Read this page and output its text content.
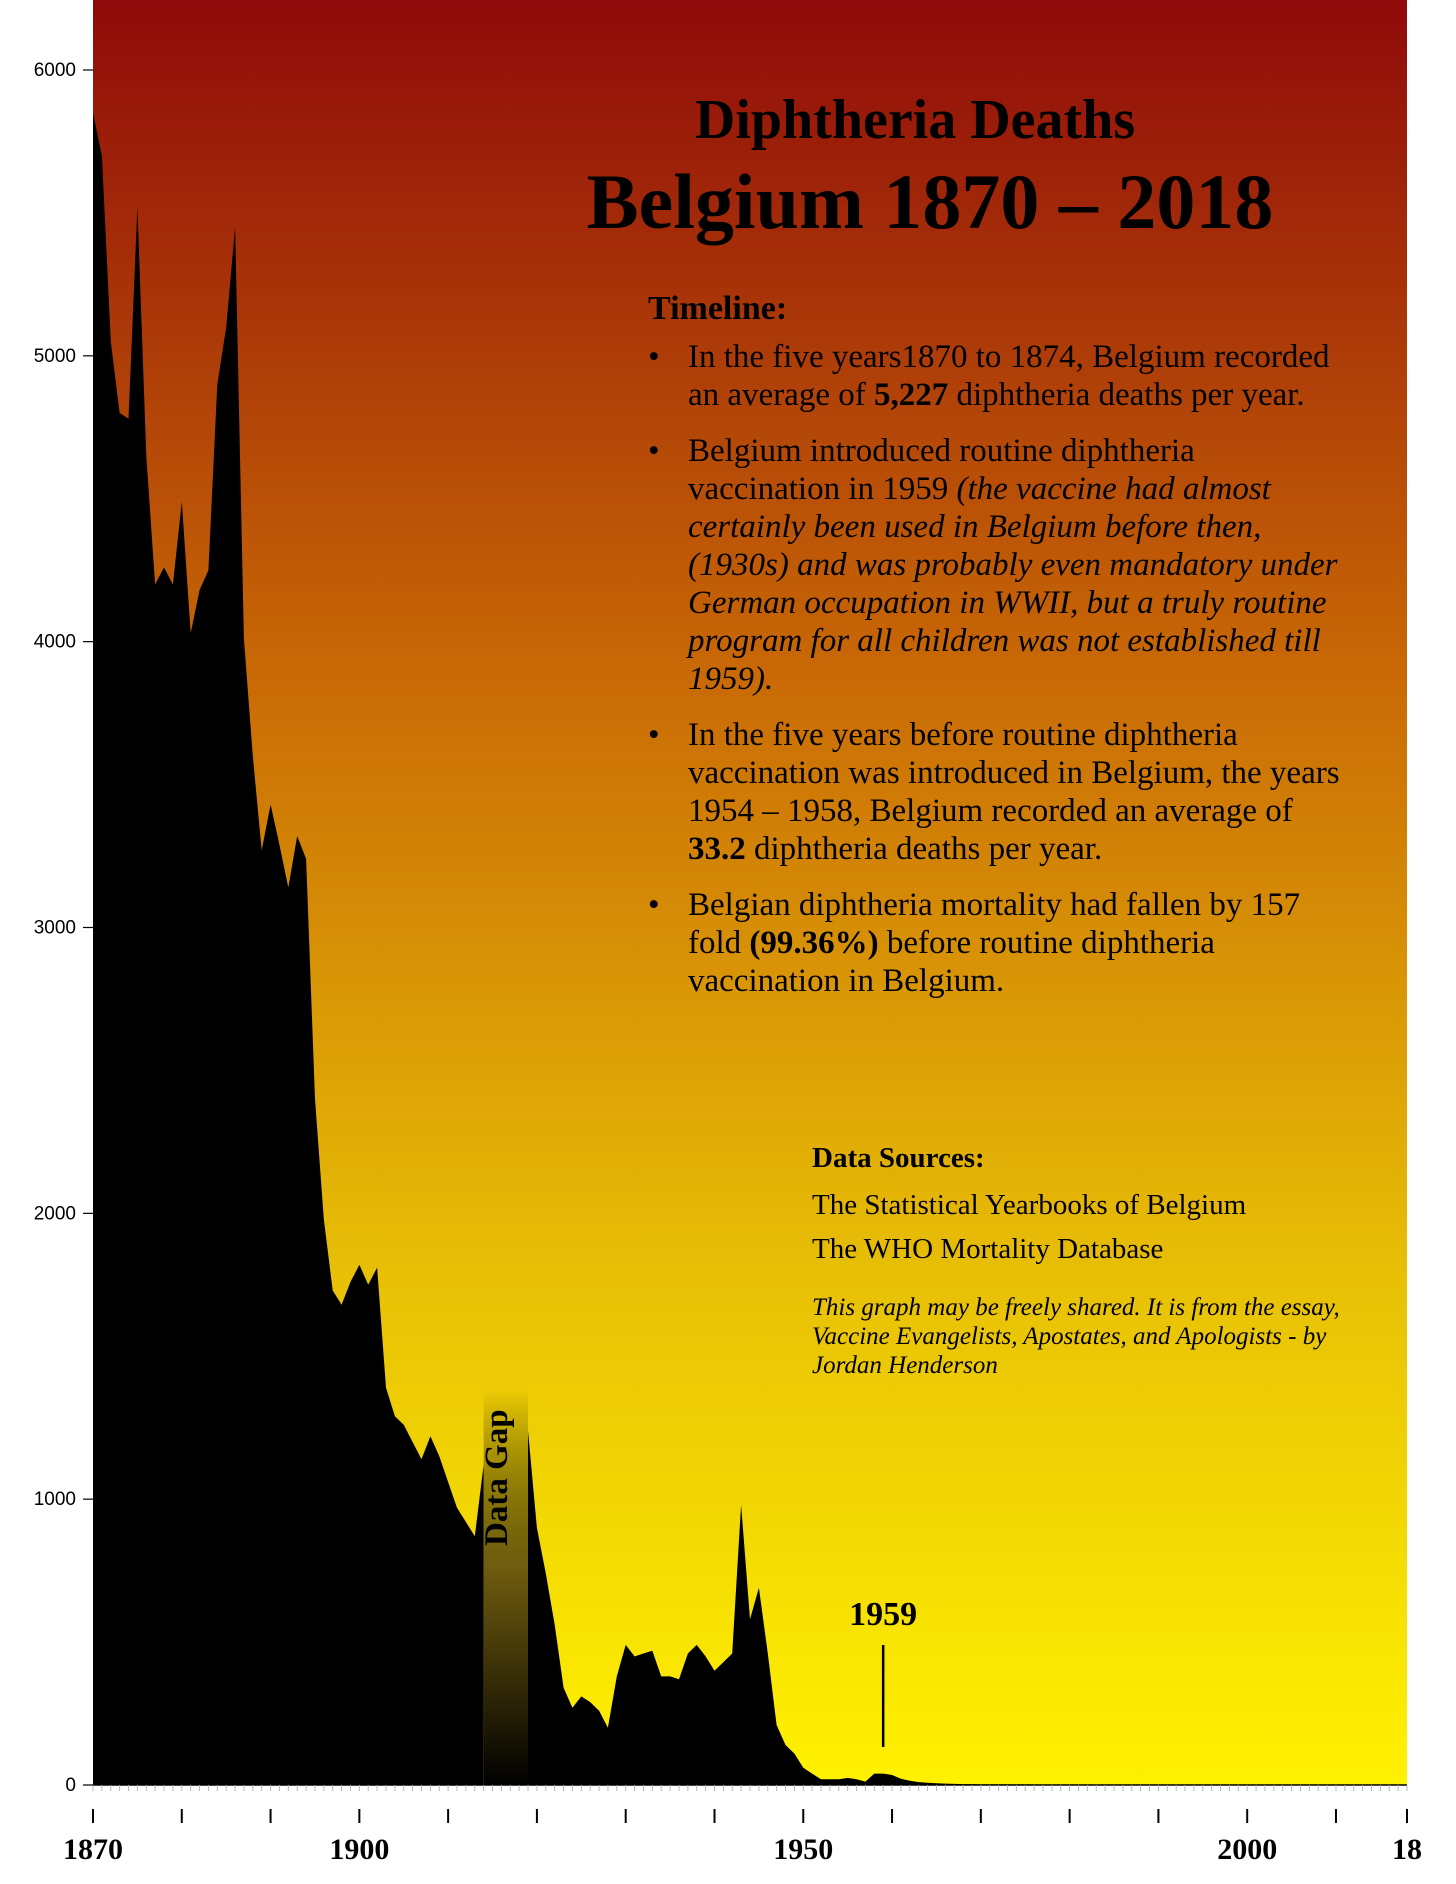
0
1000
2000
3000
4000
5000
6000
1870	1900	1950	2000	18
Data Gap
1959
Diphtheria Deaths
Belgium 1870 – 2018
Timeline:
• In the five years1870 to 1874, Belgium recorded an average of 5,227 diphtheria deaths per year.
• Belgium introduced routine diphtheria vaccination in 1959 (the vaccine had almost certainly been used in Belgium before then, (1930s) and was probably even mandatory under German occupation in WWII, but a truly routine program for all children was not established till 1959).
• In the five years before routine diphtheria vaccination was introduced in Belgium, the years 1954 – 1958, Belgium recorded an average of 33.2 diphtheria deaths per year.
• Belgian diphtheria mortality had fallen by 157 fold (99.36%) before routine diphtheria vaccination in Belgium.
Data Sources:
The Statistical Yearbooks of Belgium
The WHO Mortality Database
This graph may be freely shared. It is from the essay, Vaccine Evangelists, Apostates, and Apologists - by Jordan Henderson
